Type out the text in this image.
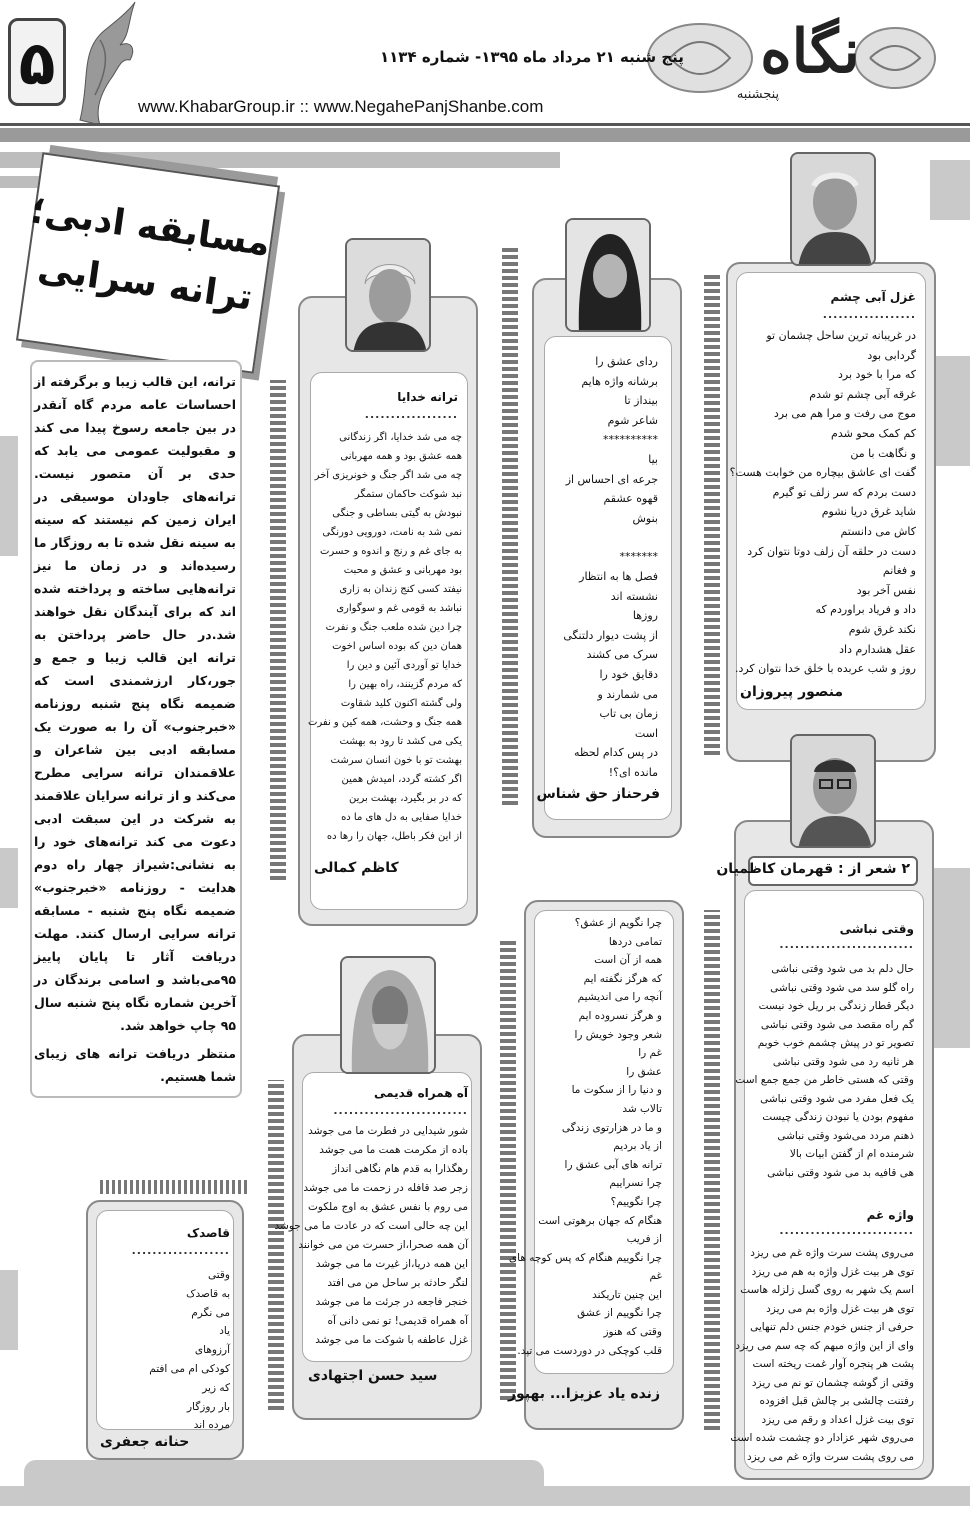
۵	نگاه
پنجشنبه
پنج شنبه ۲۱ مرداد ماه ۱۳۹۵- شماره ۱۱۳۴
www.KhabarGroup.ir :: www.NegahePanjShanbe.com
مسابقه ادبی؛
ترانه سرایی
ترانه، این قالب زیبا و برگرفته از احساسات عامه مردم گاه آنقدر در بین جامعه رسوخ پیدا می کند و مقبولیت عمومی می یابد که حدی بر آن متصور نیست. ترانه‌های جاودان موسیقی در ایران زمین کم نیستند که سینه به سینه نقل شده تا به روزگار ما رسیده‌اند و در زمان ما نیز ترانه‌هایی ساخته و پرداخته شده اند که برای آیندگان نقل خواهند شد.در حال حاضر پرداختن به ترانه این قالب زیبا و جمع و جور،کار ارزشمندی است که ضمیمه نگاه پنج شنبه روزنامه «خبرجنوب» آن را به صورت یک مسابقه ادبی بین شاعران و علاقمندان ترانه سرایی مطرح می‌کند و از ترانه سرایان علاقمند به شرکت در این سبقت ادبی دعوت می کند ترانه‌های خود را به نشانی:شیراز چهار راه دوم هدایت - روزنامه «خبرجنوب» ضمیمه نگاه پنج شنبه - مسابقه ترانه سرایی ارسال کنند. مهلت دریافت آثار تا پایان پاییز ۹۵می‌باشد و اسامی برندگان در آخرین شماره نگاه پنج شنبه سال ۹۵ چاپ خواهد شد.
منتظر دریافت ترانه های زیبای شما هستیم.
غزل آبی چشم
..................
در غریبانه ترین ساحل چشمان تو
گردابی بود
که مرا با خود برد
غرقه آبی چشم تو شدم
موج می رفت و مرا هم می برد
کم کمک محو شدم
و نگاهت با من
گفت ای عاشق بیچاره من خوابت هست؟
دست بردم که سر زلف تو گیرم
شاید غرق دریا نشوم
کاش می دانستم
دست در حلقه آن زلف دوتا نتوان کرد
و فغانم
نفس آخر بود
داد و فریاد براوردم که
نکند غرق شوم
عقل هشدارم داد
روز و شب عربده با خلق خدا نتوان کرد.
منصور پیروزان
ردای عشق را
برشانه واژه هایم
بینداز تا
شاعر شوم
**********
بیا
جرعه ای احساس از
قهوه عشقم
بنوش
*******
فصل ها به انتظار
نشسته اند
روزها
از پشت دیوار دلتنگی
سرک می کشند
دقایق خود را
می شمارند و
زمان بی تاب
است
در پس کدام لحظه
مانده ای؟!
فرحناز حق شناس
ترانه خدایا
..................
چه می شد خدایا، اگر زندگانی
همه عشق بود و همه مهربانی
چه می شد اگر جنگ و خونریزی آخر
نبد شوکت حاکمان ستمگر
نبودش به گیتی بساطی و جنگی
نمی شد به نامت، دورویی دورنگی
به جای غم و رنج و اندوه و حسرت
بود مهربانی و عشق و محبت
نیفتد کسی کنج زندان به زاری
نباشد به قومی غم و سوگواری
چرا دین شده ملعب جنگ و نفرت
همان دین که بوده اساس اخوت
خدایا تو آوردی آئین و دین را
که مردم گزینند، راه بهین را
ولی گشته اکنون کلید شقاوت
همه جنگ و وحشت، همه کین و نفرت
یکی می کشد تا رود به بهشت
بهشت تو با خون انسان سرشت
اگر کشته گردد، امیدش همین
که در بر بگیرد، بهشت برین
خدایا صفایی به دل های ما ده
از این فکر باطل، جهان را رها ده
کاظم کمالی	۲ شعر از : قهرمان کاظمیان
وقتی نباشی
..........................
حال دلم بد می شود وقتی نباشی
راه گلو سد می شود وقتی نباشی
دیگر قطار زندگی بر ریل خود نیست
گم راه مقصد می شود وقتی نباشی
تصویر تو در پیش چشمم خوب خوبم
هر ثانیه رد می شود وقتی نباشی
وقتی که هستی خاطر من جمع جمع است
یک فعل مفرد می شود وقتی نباشی
مفهوم بودن یا نبودن زندگی چیست
ذهنم مردد می‌شود وقتی نباشی
شرمنده ام از گفتن ابیات بالا
هی قافیه بد می شود وقتی نباشی
واژه غم
..........................
می‌روی پشت سرت واژه غم می ریزد
توی هر بیت غزل واژه به هم می ریزد
اسم یک شهر به روی گسل زلزله هاست
توی هر بیت غزل واژه بم می ریزد
حرفی از جنس خودم جنس دلم تنهایی
وای از این واژه مبهم که چه سم می ریزد
پشت هر پنجره آوار غمت ریخته است
وقتی از گوشه چشمان تو نم می ریزد
رفتنت چالشی بر چالش قبل افزوده
توی بیت غزل اعداد و رقم می ریزد
می‌روی شهر عزادار دو چشمت شده است
می روی پشت سرت واژه غم می ریزد
چرا نگویم از عشق؟
تمامی دردها
همه از آن است
که هرگز نگفته ایم
آنچه را می اندیشیم
و هرگز نسروده ایم
شعر وجود خویش را
غم را
عشق را
و دنیا را از سکوت ما
تالاب شد
و ما در هزارتوی زندگی
از یاد بردیم
ترانه های آبی عشق را
چرا نسراییم
چرا نگوییم؟
هنگام که جهان برهوتی است
از فریب
چرا نگوییم هنگام که پس کوچه های
غم
این چنین تاریکند
چرا نگوییم از عشق
وقتی که هنوز
قلب کوچکی در دوردست می تپد.
زنده یاد عزیزا... بهپور
آه همراه قدیمی
..........................
شور شیدایی در فطرت ما می جوشد
باده از مکرمت همت ما می جوشد
رهگذارا به قدم هام نگاهی انداز
زجر صد قافله در زحمت ما می جوشد
می روم با نفس عشق به اوج ملکوت
این چه حالی است که در عادت ما می جوشد
آن همه صحرا،از حسرت من می خوانند
این همه دریا،از غیرت ما می جوشد
لنگر حادثه بر ساحل من می افتد
خنجر فاجعه در جرئت ما می جوشد
آه همراه قدیمی! تو نمی دانی آه
غزل عاطفه با شوکت ما می جوشد
سید حسن اجتهادی
قاصدک
...................
وقتی
به قاصدک
می نگرم
یاد
آرزوهای
کودکی ام می افتم
که زیر
بار روزگار
مرده اند
حنانه جعفری
